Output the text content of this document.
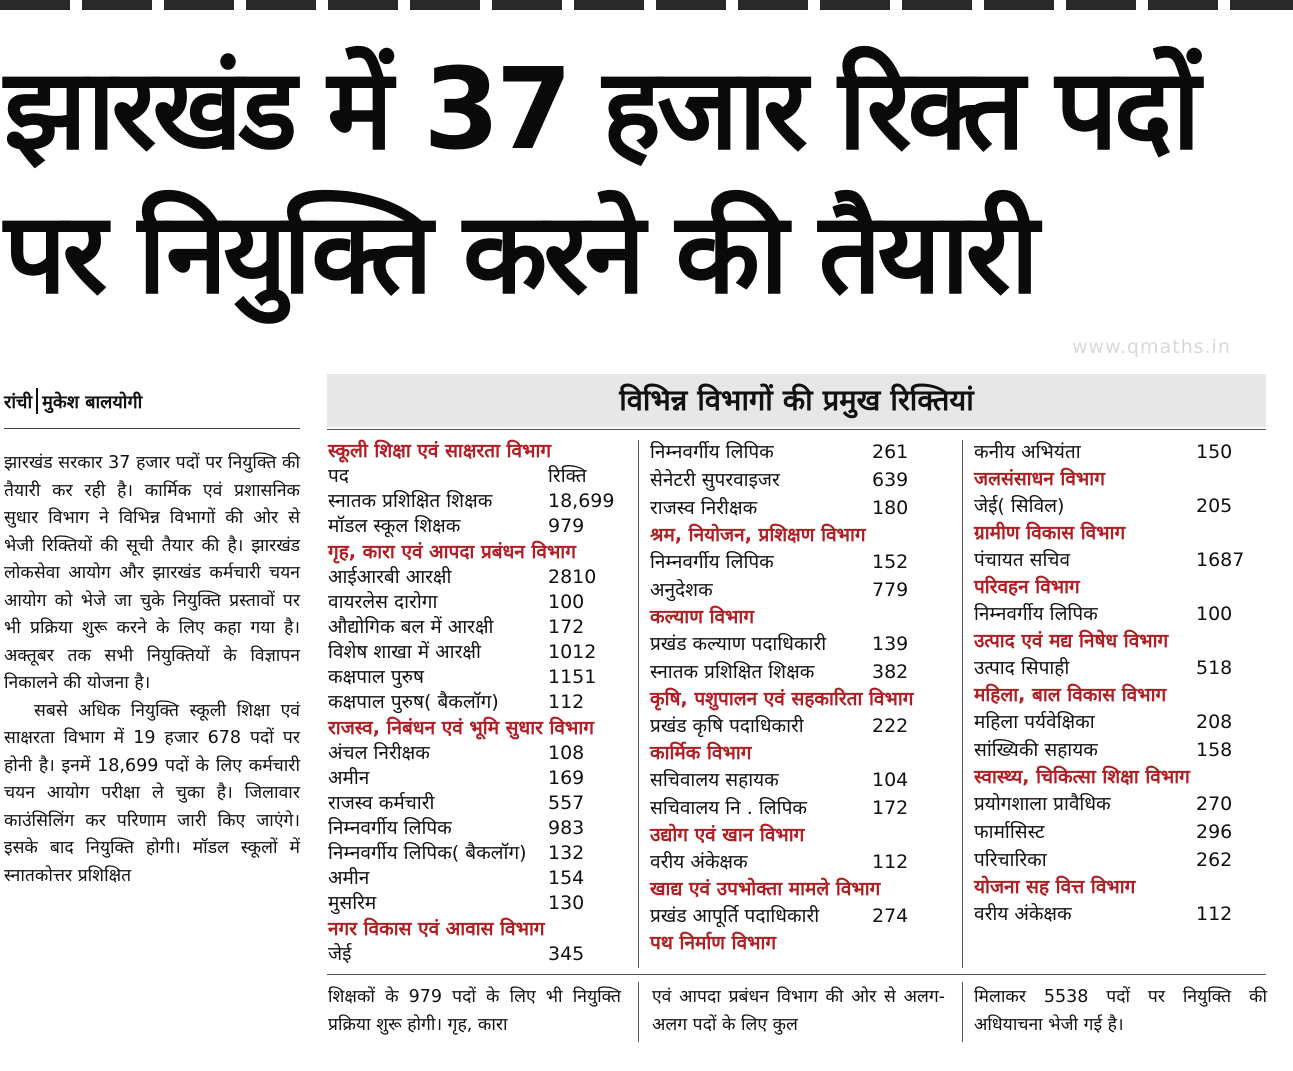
झारखंड में 37 हजार रिक्त पदों
पर नियुक्ति करने की तैयारी
www.qmaths.in
रांची मुकेश बालयोगी

झारखंड सरकार 37 हजार पदों पर नियुक्ति की तैयारी कर रही है। कार्मिक एवं प्रशासनिक सुधार विभाग ने विभिन्न विभागों की ओर से भेजी रिक्तियों की सूची तैयार की है। झारखंड लोकसेवा आयोग और झारखंड कर्मचारी चयन आयोग को भेजे जा चुके नियुक्ति प्रस्तावों पर भी प्रक्रिया शुरू करने के लिए कहा गया है। अक्तूबर तक सभी नियुक्तियों के विज्ञापन निकालने की योजना है।

सबसे अधिक नियुक्ति स्कूली शिक्षा एवं साक्षरता विभाग में 19 हजार 678 पदों पर होनी है। इनमें 18,699 पदों के लिए कर्मचारी चयन आयोग परीक्षा ले चुका है। जिलावार काउंसिलिंग कर परिणाम जारी किए जाएंगे। इसके बाद नियुक्ति होगी। मॉडल स्कूलों में स्नातकोत्तर प्रशिक्षित

विभिन्न विभागों की प्रमुख रिक्तियां
स्कूली शिक्षा एवं साक्षरता विभाग
पद	रिक्ति
स्नातक प्रशिक्षित शिक्षक	18,699
मॉडल स्कूल शिक्षक	979
गृह, कारा एवं आपदा प्रबंधन विभाग
आईआरबी आरक्षी	2810
वायरलेस दारोगा	100
औद्योगिक बल में आरक्षी	172
विशेष शाखा में आरक्षी	1012
कक्षपाल पुरुष	1151
कक्षपाल पुरुष( बैकलॉग)	112
राजस्व, निबंधन एवं भूमि सुधार विभाग
अंचल निरीक्षक	108
अमीन	169
राजस्व कर्मचारी	557
निम्नवर्गीय लिपिक	983
निम्नवर्गीय लिपिक( बैकलॉग) 132
अमीन	154
मुसरिम	130
नगर विकास एवं आवास विभाग
जेई	345
निम्नवर्गीय लिपिक	261
सेनेटरी सुपरवाइजर	639
राजस्व निरीक्षक	180
श्रम, नियोजन, प्रशिक्षण विभाग
निम्नवर्गीय लिपिक	152
अनुदेशक	779
कल्याण विभाग
प्रखंड कल्याण पदाधिकारी 139
स्नातक प्रशिक्षित शिक्षक	382
कृषि, पशुपालन एवं सहकारिता विभाग
प्रखंड कृषि पदाधिकारी	222
कार्मिक विभाग
सचिवालय सहायक	104
सचिवालय नि . लिपिक	172
उद्योग एवं खान विभाग
वरीय अंकेक्षक	112
खाद्य एवं उपभोक्ता मामले विभाग
प्रखंड आपूर्ति पदाधिकारी	274
पथ निर्माण विभाग
कनीय अभियंता	150
जलसंसाधन विभाग
जेई( सिविल)	205
ग्रामीण विकास विभाग
पंचायत सचिव	1687
परिवहन विभाग
निम्नवर्गीय लिपिक	100
उत्पाद एवं मद्य निषेध विभाग
उत्पाद सिपाही	518
महिला, बाल विकास विभाग
महिला पर्यवेक्षिका	208
सांख्यिकी सहायक	158
स्वास्थ्य, चिकित्सा शिक्षा विभाग
प्रयोगशाला प्रावैधिक	270
फार्मासिस्ट	296
परिचारिका	262
योजना सह वित्त विभाग
वरीय अंकेक्षक	112
शिक्षकों के 979 पदों के लिए भी नियुक्ति प्रक्रिया शुरू होगी। गृह, कारा
एवं आपदा प्रबंधन विभाग की ओर से अलग-अलग पदों के लिए कुल
मिलाकर 5538 पदों पर नियुक्ति की अधियाचना भेजी गई है।
